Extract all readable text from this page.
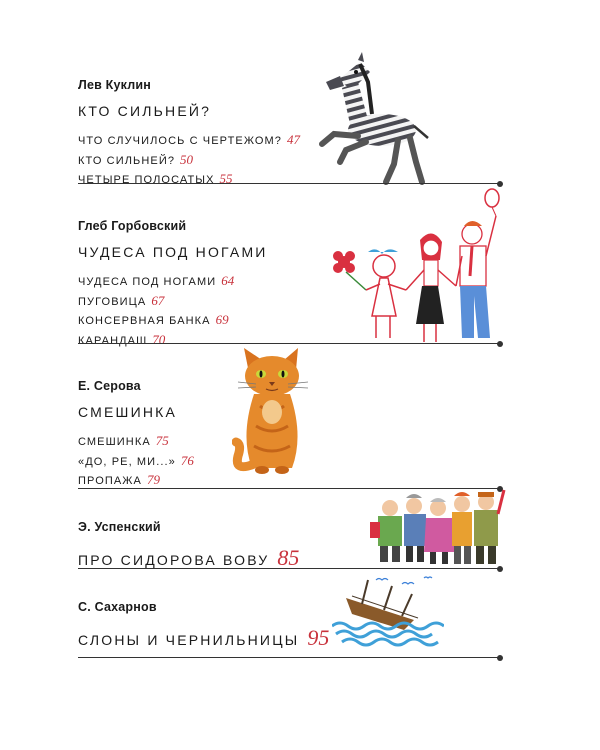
Лев Куклин
КТО СИЛЬНЕЙ?
ЧТО СЛУЧИЛОСЬ С ЧЕРТЕЖОМ? 47
КТО СИЛЬНЕЙ? 50
ЧЕТЫРЕ ПОЛОСАТЫХ 55
Глеб Горбовский
ЧУДЕСА ПОД НОГАМИ
ЧУДЕСА ПОД НОГАМИ 64
ПУГОВИЦА 67
КОНСЕРВНАЯ БАНКА 69
КАРАНДАШ 70
Е. Серова
СМЕШИНКА
СМЕШИНКА 75
«ДО, РЕ, МИ...» 76
ПРОПАЖА 79
Э. Успенский
ПРО СИДОРОВА ВОВУ 85
С. Сахарнов
СЛОНЫ И ЧЕРНИЛЬНИЦЫ 95
